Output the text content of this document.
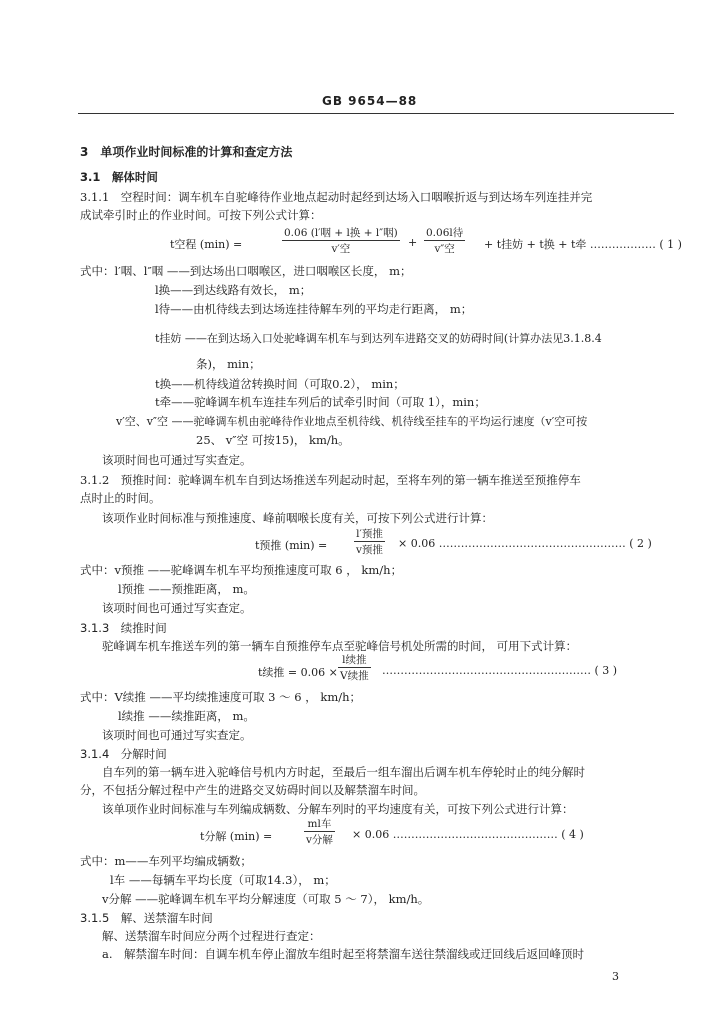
GB 9654—88
3　单项作业时间标准的计算和查定方法
3.1　解体时间
3.1.1　空程时间：调车机车自驼峰待作业地点起动时起经到达场入口咽喉折返与到达场车列连挂并完
成试牵引时止的作业时间。可按下列公式计算：
t空程 (min) =
0.06 (l′咽 + l换 + l″咽)
v′空	+
0.06l待
v″空	+ t挂妨 + t换 + t牵 ……………… ( 1 )
式中：l′咽、l″咽 ——到达场出口咽喉区，进口咽喉区长度， m；
l换——到达线路有效长， m；
l待——由机待线去到达场连挂待解车列的平均走行距离， m；
t挂妨 ——在到达场入口处驼峰调车机车与到达列车进路交叉的妨碍时间(计算办法见3.1.8.4
条)， min；
t换——机待线道岔转换时间（可取0.2）， min；
t牵——驼峰调车机车连挂车列后的试牵引时间（可取 1），min；
v′空、v″空 ——驼峰调车机由驼峰待作业地点至机待线、机待线至挂车的平均运行速度（v′空可按
25、 v″空 可按15)， km/h。
该项时间也可通过写实查定。
3.1.2　预推时间：驼峰调车机车自到达场推送车列起动时起，至将车列的第一辆车推送至预推停车
点时止的时间。
该项作业时间标准与预推速度、峰前咽喉长度有关，可按下列公式进行计算：
t预推 (min) =
l′预推
v预推 × 0.06 …………………………………………… ( 2 )
式中：v预推 ——驼峰调车机车平均预推速度可取 6 ， km/h；
l预推 ——预推距离， m。
该项时间也可通过写实查定。
3.1.3　续推时间
驼峰调车机车推送车列的第一辆车自预推停车点至驼峰信号机处所需的时间， 可用下式计算：
t续推 = 0.06 ×
l续推
V续推 ………………………………………………… ( 3 )
式中：V续推 ——平均续推速度可取 3 ～ 6 ， km/h；
l续推 ——续推距离， m。
该项时间也可通过写实查定。
3.1.4　分解时间
自车列的第一辆车进入驼峰信号机内方时起，至最后一组车溜出后调车机车停轮时止的纯分解时
分，不包括分解过程中产生的进路交叉妨碍时间以及解禁溜车时间。
该单项作业时间标准与车列编成辆数、分解车列时的平均速度有关，可按下列公式进行计算：
t分解 (min) =
ml车
v分解 × 0.06 ……………………………………… ( 4 )
式中：m——车列平均编成辆数；
l车 ——每辆车平均长度（可取14.3）， m；
v分解 ——驼峰调车机车平均分解速度（可取 5 ～ 7）， km/h。
3.1.5　解、送禁溜车时间
解、送禁溜车时间应分两个过程进行查定：
a.　解禁溜车时间：自调车机车停止溜放车组时起至将禁溜车送往禁溜线或迂回线后返回峰顶时
3
